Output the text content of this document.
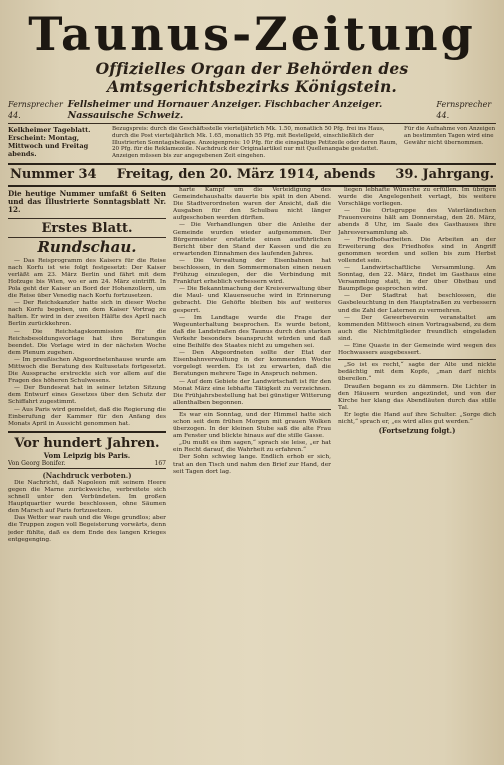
Taunus-Zeitung
Offizielles Organ der Behörden des Amtsgerichtsbezirks Königstein.
Fernsprecher 44.
Fellsheimer und Hornauer Anzeiger. Fischbacher Anzeiger. Nassauische Schweiz.
Fernsprecher 44.
Kelkheimer Tageblatt. Erscheint: Montag, Mittwoch und Freitag abends.
Bezugspreis: durch die Geschäftsstelle vierteljährlich Mk. 1.50, monatlich 50 Pfg. frei ins Haus, durch die Post vierteljährlich Mk. 1.65, monatlich 55 Pfg. mit Bestellgeld, einschließlich der Illustrierten Sonntagsbeilage. Anzeigenpreis: 10 Pfg. für die einspaltige Petitzeile oder deren Raum, 20 Pfg. für die Reklamezeile. Nachdruck der Originalartikel nur mit Quellenangabe gestattet. Anzeigen müssen bis zur angegebenen Zeit eingehen.
Für die Aufnahme von Anzeigen an bestimmten Tagen wird eine Gewähr nicht übernommen.
Nummer 34 Freitag, den 20. März 1914, abends 39. Jahrgang.
Die heutige Nummer umfaßt 6 Seiten und das Illustrierte Sonntagsblatt Nr. 12.
Erstes Blatt.
Rundschau.

— Das Reisprogramm des Kaisers für die Reise nach Korfu ist wie folgt festgesetzt: Der Kaiser verläßt am 23. März Berlin und fährt mit dem Hofzuge bis Wien, wo er am 24. März eintrifft. In Pola geht der Kaiser an Bord der Hohenzollern, um die Reise über Venedig nach Korfu fortzusetzen.

— Der Reichskanzler hatte sich in dieser Woche nach Korfu begeben, um dem Kaiser Vortrag zu halten. Er wird in der zweiten Hälfte des April nach Berlin zurückkehren.

— Die Reichstagskommission für die Reichsbesoldungsvorlage hat ihre Beratungen beendet. Die Vorlage wird in der nächsten Woche dem Plenum zugehen.

— Im preußischen Abgeordnetenhause wurde am Mittwoch die Beratung des Kultusetats fortgesetzt. Die Aussprache erstreckte sich vor allem auf die Fragen des höheren Schulwesens.

— Der Bundesrat hat in seiner letzten Sitzung dem Entwurf eines Gesetzes über den Schutz der Schiffahrt zugestimmt.

— Aus Paris wird gemeldet, daß die Regierung die Einberufung der Kammer für den Anfang des Monats April in Aussicht genommen hat.

Vor hundert Jahren.
Vom Leipzig bis Paris.
Von Georg Bonifer.	167
(Nachdruck verboten.)

Die Nachricht, daß Napoleon mit seinem Heere gegen die Marne zurückweiche, verbreitete sich schnell unter den Verbündeten. Im großen Hauptquartier wurde beschlossen, ohne Säumen den Marsch auf Paris fortzusetzen.

Das Wetter war rauh und die Wege grundlos; aber die Truppen zogen voll Begeisterung vorwärts, denn jeder fühlte, daß es dem Ende des langen Krieges entgegenging.

harte Kampf um die Verteidigung des Gemeindehaushalts dauerte bis spät in den Abend. Die Stadtverordneten waren der Ansicht, daß die Ausgaben für den Schulbau nicht länger aufgeschoben werden dürften.

— Die Verhandlungen über die Anleihe der Gemeinde wurden wieder aufgenommen. Der Bürgermeister erstattete einen ausführlichen Bericht über den Stand der Kassen und die zu erwartenden Einnahmen des laufenden Jahres.

— Die Verwaltung der Eisenbahnen hat beschlossen, in den Sommermonaten einen neuen Frühzug einzulegen, der die Verbindung mit Frankfurt erheblich verbessern wird.

— Die Bekanntmachung der Kreisverwaltung über die Maul- und Klauenseuche wird in Erinnerung gebracht. Die Gehöfte bleiben bis auf weiteres gesperrt.

— Im Landtage wurde die Frage der Wegeunterhaltung besprochen. Es wurde betont, daß die Landstraßen des Taunus durch den starken Verkehr besonders beansprucht würden und daß eine Beihilfe des Staates nicht zu umgehen sei.

— Den Abgeordneten sollte der Etat der Eisenbahnverwaltung in der kommenden Woche vorgelegt werden. Es ist zu erwarten, daß die Beratungen mehrere Tage in Anspruch nehmen.

— Auf dem Gebiete der Landwirtschaft ist für den Monat März eine lebhafte Tätigkeit zu verzeichnen. Die Frühjahrsbestellung hat bei günstiger Witterung allenthalben begonnen.

Es war ein Sonntag, und der Himmel hatte sich schon seit dem frühen Morgen mit grauen Wolken überzogen. In der kleinen Stube saß die alte Frau am Fenster und blickte hinaus auf die stille Gasse.

„Du mußt es ihm sagen,“ sprach sie leise, „er hat ein Recht darauf, die Wahrheit zu erfahren.“

Der Sohn schwieg lange. Endlich erhob er sich, trat an den Tisch und nahm den Brief zur Hand, der seit Tagen dort lag.

liegen lebhafte Wünsche zu erfüllen. Im übrigen wurde die Angelegenheit vertagt, bis weitere Vorschläge vorliegen.

— Die Ortsgruppe des Vaterländischen Frauenvereins hält am Donnerstag, den 26. März, abends 8 Uhr, im Saale des Gasthauses ihre Jahresversammlung ab.

— Friedhofsarbeiten. Die Arbeiten an der Erweiterung des Friedhofes sind in Angriff genommen worden und sollen bis zum Herbst vollendet sein.

— Landwirtschaftliche Versammlung. Am Sonntag, den 22. März, findet im Gasthaus eine Versammlung statt, in der über Obstbau und Baumpflege gesprochen wird.

— Der Stadtrat hat beschlossen, die Gasbeleuchtung in den Hauptstraßen zu verbessern und die Zahl der Laternen zu vermehren.

— Der Gewerbeverein veranstaltet am kommenden Mittwoch einen Vortragsabend, zu dem auch die Nichtmitglieder freundlich eingeladen sind.

— Eine Quaste in der Gemeinde wird wegen des Hochwassers ausgebessert.

„So ist es recht,“ sagte der Alte und nickte bedächtig mit dem Kopfe, „man darf nichts übereilen.“

Draußen begann es zu dämmern. Die Lichter in den Häusern wurden angezündet, und von der Kirche her klang das Abendläuten durch das stille Tal.

Er legte die Hand auf ihre Schulter. „Sorge dich nicht,“ sprach er, „es wird alles gut werden.“

(Fortsetzung folgt.)
